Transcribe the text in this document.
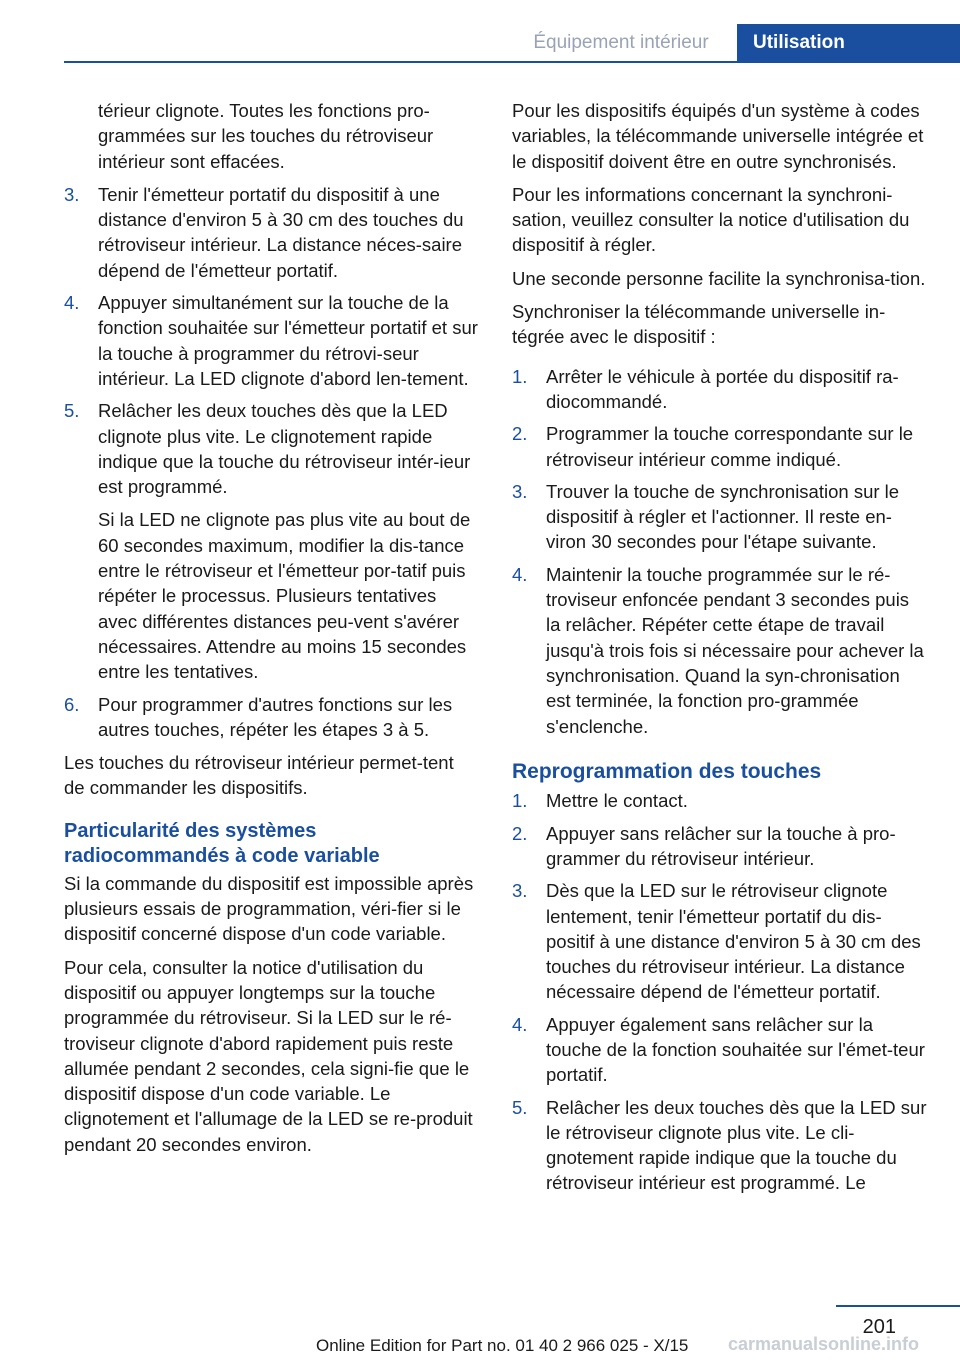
Équipement intérieur	Utilisation

térieur clignote. Toutes les fonctions pro-grammées sur les touches du rétroviseur intérieur sont effacées.

3.	Tenir l'émetteur portatif du dispositif à une distance d'environ 5 à 30 cm des touches du rétroviseur intérieur. La distance néces-saire dépend de l'émetteur portatif.

4.	Appuyer simultanément sur la touche de la fonction souhaitée sur l'émetteur portatif et sur la touche à programmer du rétrovi-seur intérieur. La LED clignote d'abord len-tement.

5.	Relâcher les deux touches dès que la LED clignote plus vite. Le clignotement rapide indique que la touche du rétroviseur intér-ieur est programmé.

Si la LED ne clignote pas plus vite au bout de 60 secondes maximum, modifier la dis-tance entre le rétroviseur et l'émetteur por-tatif puis répéter le processus. Plusieurs tentatives avec différentes distances peu-vent s'avérer nécessaires. Attendre au moins 15 secondes entre les tentatives.

6.	Pour programmer d'autres fonctions sur les autres touches, répéter les étapes 3 à 5.

Les touches du rétroviseur intérieur permet-tent de commander les dispositifs.

Particularité des systèmes radiocommandés à code variable

Si la commande du dispositif est impossible après plusieurs essais de programmation, véri-fier si le dispositif concerné dispose d'un code variable.

Pour cela, consulter la notice d'utilisation du dispositif ou appuyer longtemps sur la touche programmée du rétroviseur. Si la LED sur le ré-troviseur clignote d'abord rapidement puis reste allumée pendant 2 secondes, cela signi-fie que le dispositif dispose d'un code variable. Le clignotement et l'allumage de la LED se re-produit pendant 20 secondes environ.

Pour les dispositifs équipés d'un système à codes variables, la télécommande universelle intégrée et le dispositif doivent être en outre synchronisés.

Pour les informations concernant la synchroni-sation, veuillez consulter la notice d'utilisation du dispositif à régler.

Une seconde personne facilite la synchronisa-tion.

Synchroniser la télécommande universelle in-tégrée avec le dispositif :

1.	Arrêter le véhicule à portée du dispositif ra-diocommandé.

2.	Programmer la touche correspondante sur le rétroviseur intérieur comme indiqué.

3.	Trouver la touche de synchronisation sur le dispositif à régler et l'actionner. Il reste en-viron 30 secondes pour l'étape suivante.

4.	Maintenir la touche programmée sur le ré-troviseur enfoncée pendant 3 secondes puis la relâcher. Répéter cette étape de travail jusqu'à trois fois si nécessaire pour achever la synchronisation. Quand la syn-chronisation est terminée, la fonction pro-grammée s'enclenche.

Reprogrammation des touches
1.	Mettre le contact.

2.	Appuyer sans relâcher sur la touche à pro-grammer du rétroviseur intérieur.

3.	Dès que la LED sur le rétroviseur clignote lentement, tenir l'émetteur portatif du dis-positif à une distance d'environ 5 à 30 cm des touches du rétroviseur intérieur. La distance nécessaire dépend de l'émetteur portatif.

4.	Appuyer également sans relâcher sur la touche de la fonction souhaitée sur l'émet-teur portatif.

5.	Relâcher les deux touches dès que la LED sur le rétroviseur clignote plus vite. Le cli-gnotement rapide indique que la touche du rétroviseur intérieur est programmé. Le

201
Online Edition for Part no. 01 40 2 966 025 - X/15 carmanualsonline.info
